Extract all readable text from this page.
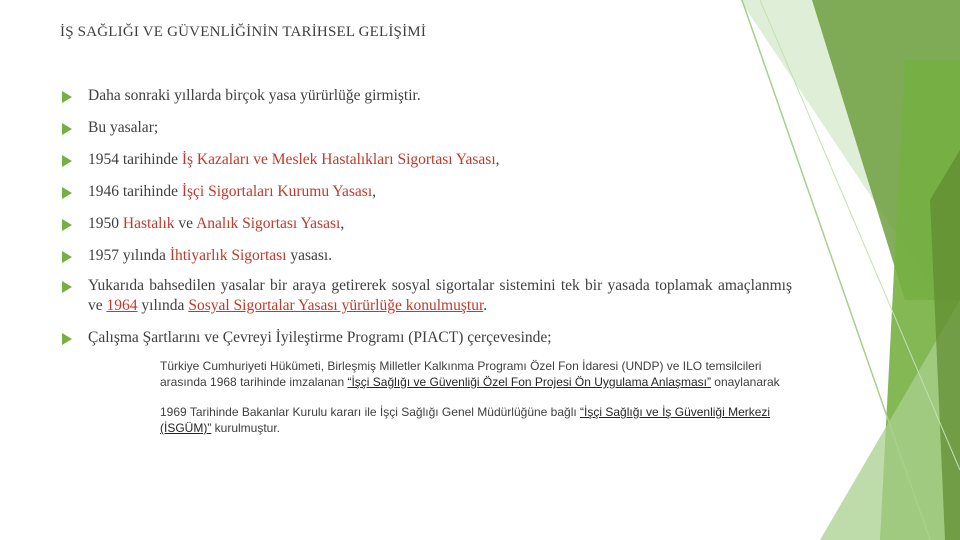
İŞ SAĞLIĞI VE GÜVENLİĞİNİN TARİHSEL GELİŞİMİ
Daha sonraki yıllarda birçok yasa yürürlüğe girmiştir.
Bu yasalar;
1954 tarihinde İş Kazaları ve Meslek Hastalıkları Sigortası Yasası,
1946 tarihinde İşçi Sigortaları Kurumu Yasası,
1950 Hastalık ve Analık Sigortası Yasası,
1957 yılında İhtiyarlık Sigortası yasası.
Yukarıda bahsedilen yasalar bir araya getirerek sosyal sigortalar sistemini tek bir yasada toplamak amaçlanmış ve 1964 yılında Sosyal Sigortalar Yasası yürürlüğe konulmuştur.
Çalışma Şartlarını ve Çevreyi İyileştirme Programı (PIACT) çerçevesinde;
Türkiye Cumhuriyeti Hükümeti, Birleşmiş Milletler Kalkınma Programı Özel Fon İdaresi (UNDP) ve ILO temsilcileri arasında 1968 tarihinde imzalanan “İşçi Sağlığı ve Güvenliği Özel Fon Projesi Ön Uygulama Anlaşması” onaylanarak
1969 Tarihinde Bakanlar Kurulu kararı ile İşçi Sağlığı Genel Müdürlüğüne bağlı “İşçi Sağlığı ve İş Güvenliği Merkezi (İSGÜM)” kurulmuştur.
